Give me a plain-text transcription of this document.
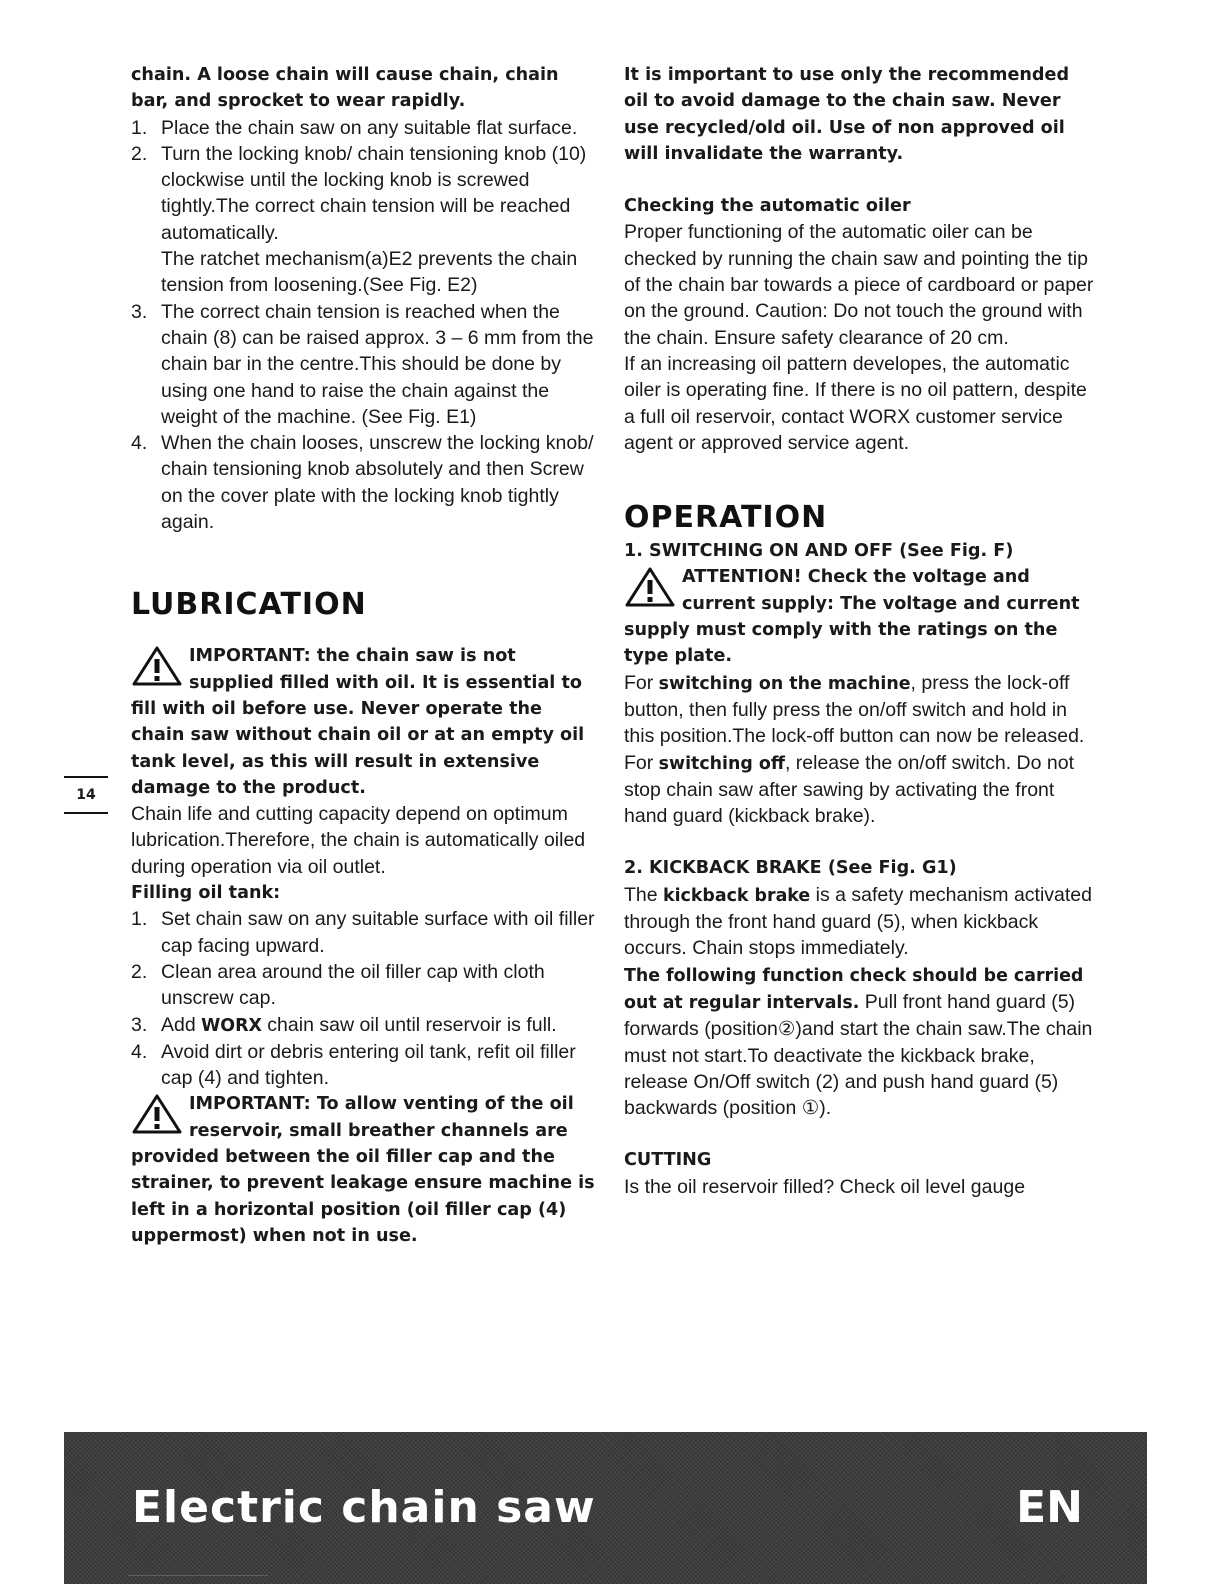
chain. A loose chain will cause chain, chain bar, and sprocket to wear rapidly.

1. Place the chain saw on any suitable flat surface.
2. Turn the locking knob/ chain tensioning knob (10) clockwise until the locking knob is screwed tightly.The correct chain tension will be reached automatically.
The ratchet mechanism(a)E2 prevents the chain tension from loosening.(See Fig. E2)
3. The correct chain tension is reached when the chain (8) can be raised approx. 3 – 6 mm from the chain bar in the centre.This should be done by using one hand to raise the chain against the weight of the machine. (See Fig. E1)
4. When the chain looses, unscrew the locking knob/ chain tensioning knob absolutely and then Screw on the cover plate with the locking knob tightly again.

LUBRICATION

IMPORTANT: the chain saw is not supplied filled with oil. It is essential to fill with oil before use. Never operate the chain saw without chain oil or at an empty oil tank level, as this will result in extensive damage to the product.

Chain life and cutting capacity depend on optimum lubrication.Therefore, the chain is automatically oiled during operation via oil outlet.

Filling oil tank:

1. Set chain saw on any suitable surface with oil filler cap facing upward.
2. Clean area around the oil filler cap with cloth unscrew cap.
3. Add WORX chain saw oil until reservoir is full.
4. Avoid dirt or debris entering oil tank, refit oil filler cap (4) and tighten.

IMPORTANT: To allow venting of the oil reservoir, small breather channels are provided between the oil filler cap and the strainer, to prevent leakage ensure machine is left in a horizontal position (oil filler cap (4) uppermost) when not in use.

It is important to use only the recommended oil to avoid damage to the chain saw. Never use recycled/old oil. Use of non approved oil will invalidate the warranty.

Checking the automatic oiler

Proper functioning of the automatic oiler can be checked by running the chain saw and pointing the tip of the chain bar towards a piece of cardboard or paper on the ground. Caution: Do not touch the ground with the chain. Ensure safety clearance of 20 cm.

If an increasing oil pattern developes, the automatic oiler is operating fine. If there is no oil pattern, despite a full oil reservoir, contact WORX customer service agent or approved service agent.

OPERATION

1. SWITCHING ON AND OFF (See Fig. F)

ATTENTION! Check the voltage and current supply: The voltage and current supply must comply with the ratings on the type plate.

For switching on the machine, press the lock-off button, then fully press the on/off switch and hold in this position.The lock-off button can now be released.

For switching off, release the on/off switch. Do not stop chain saw after sawing by activating the front hand guard (kickback brake).

2. KICKBACK BRAKE (See Fig. G1)

The kickback brake is a safety mechanism activated through the front hand guard (5), when kickback occurs. Chain stops immediately.

The following function check should be carried out at regular intervals. Pull front hand guard (5) forwards (position②)and start the chain saw.The chain must not start.To deactivate the kickback brake, release On/Off switch (2) and push hand guard (5) backwards (position ①).

CUTTING

Is the oil reservoir filled? Check oil level gauge

14
Electric chain saw	EN
